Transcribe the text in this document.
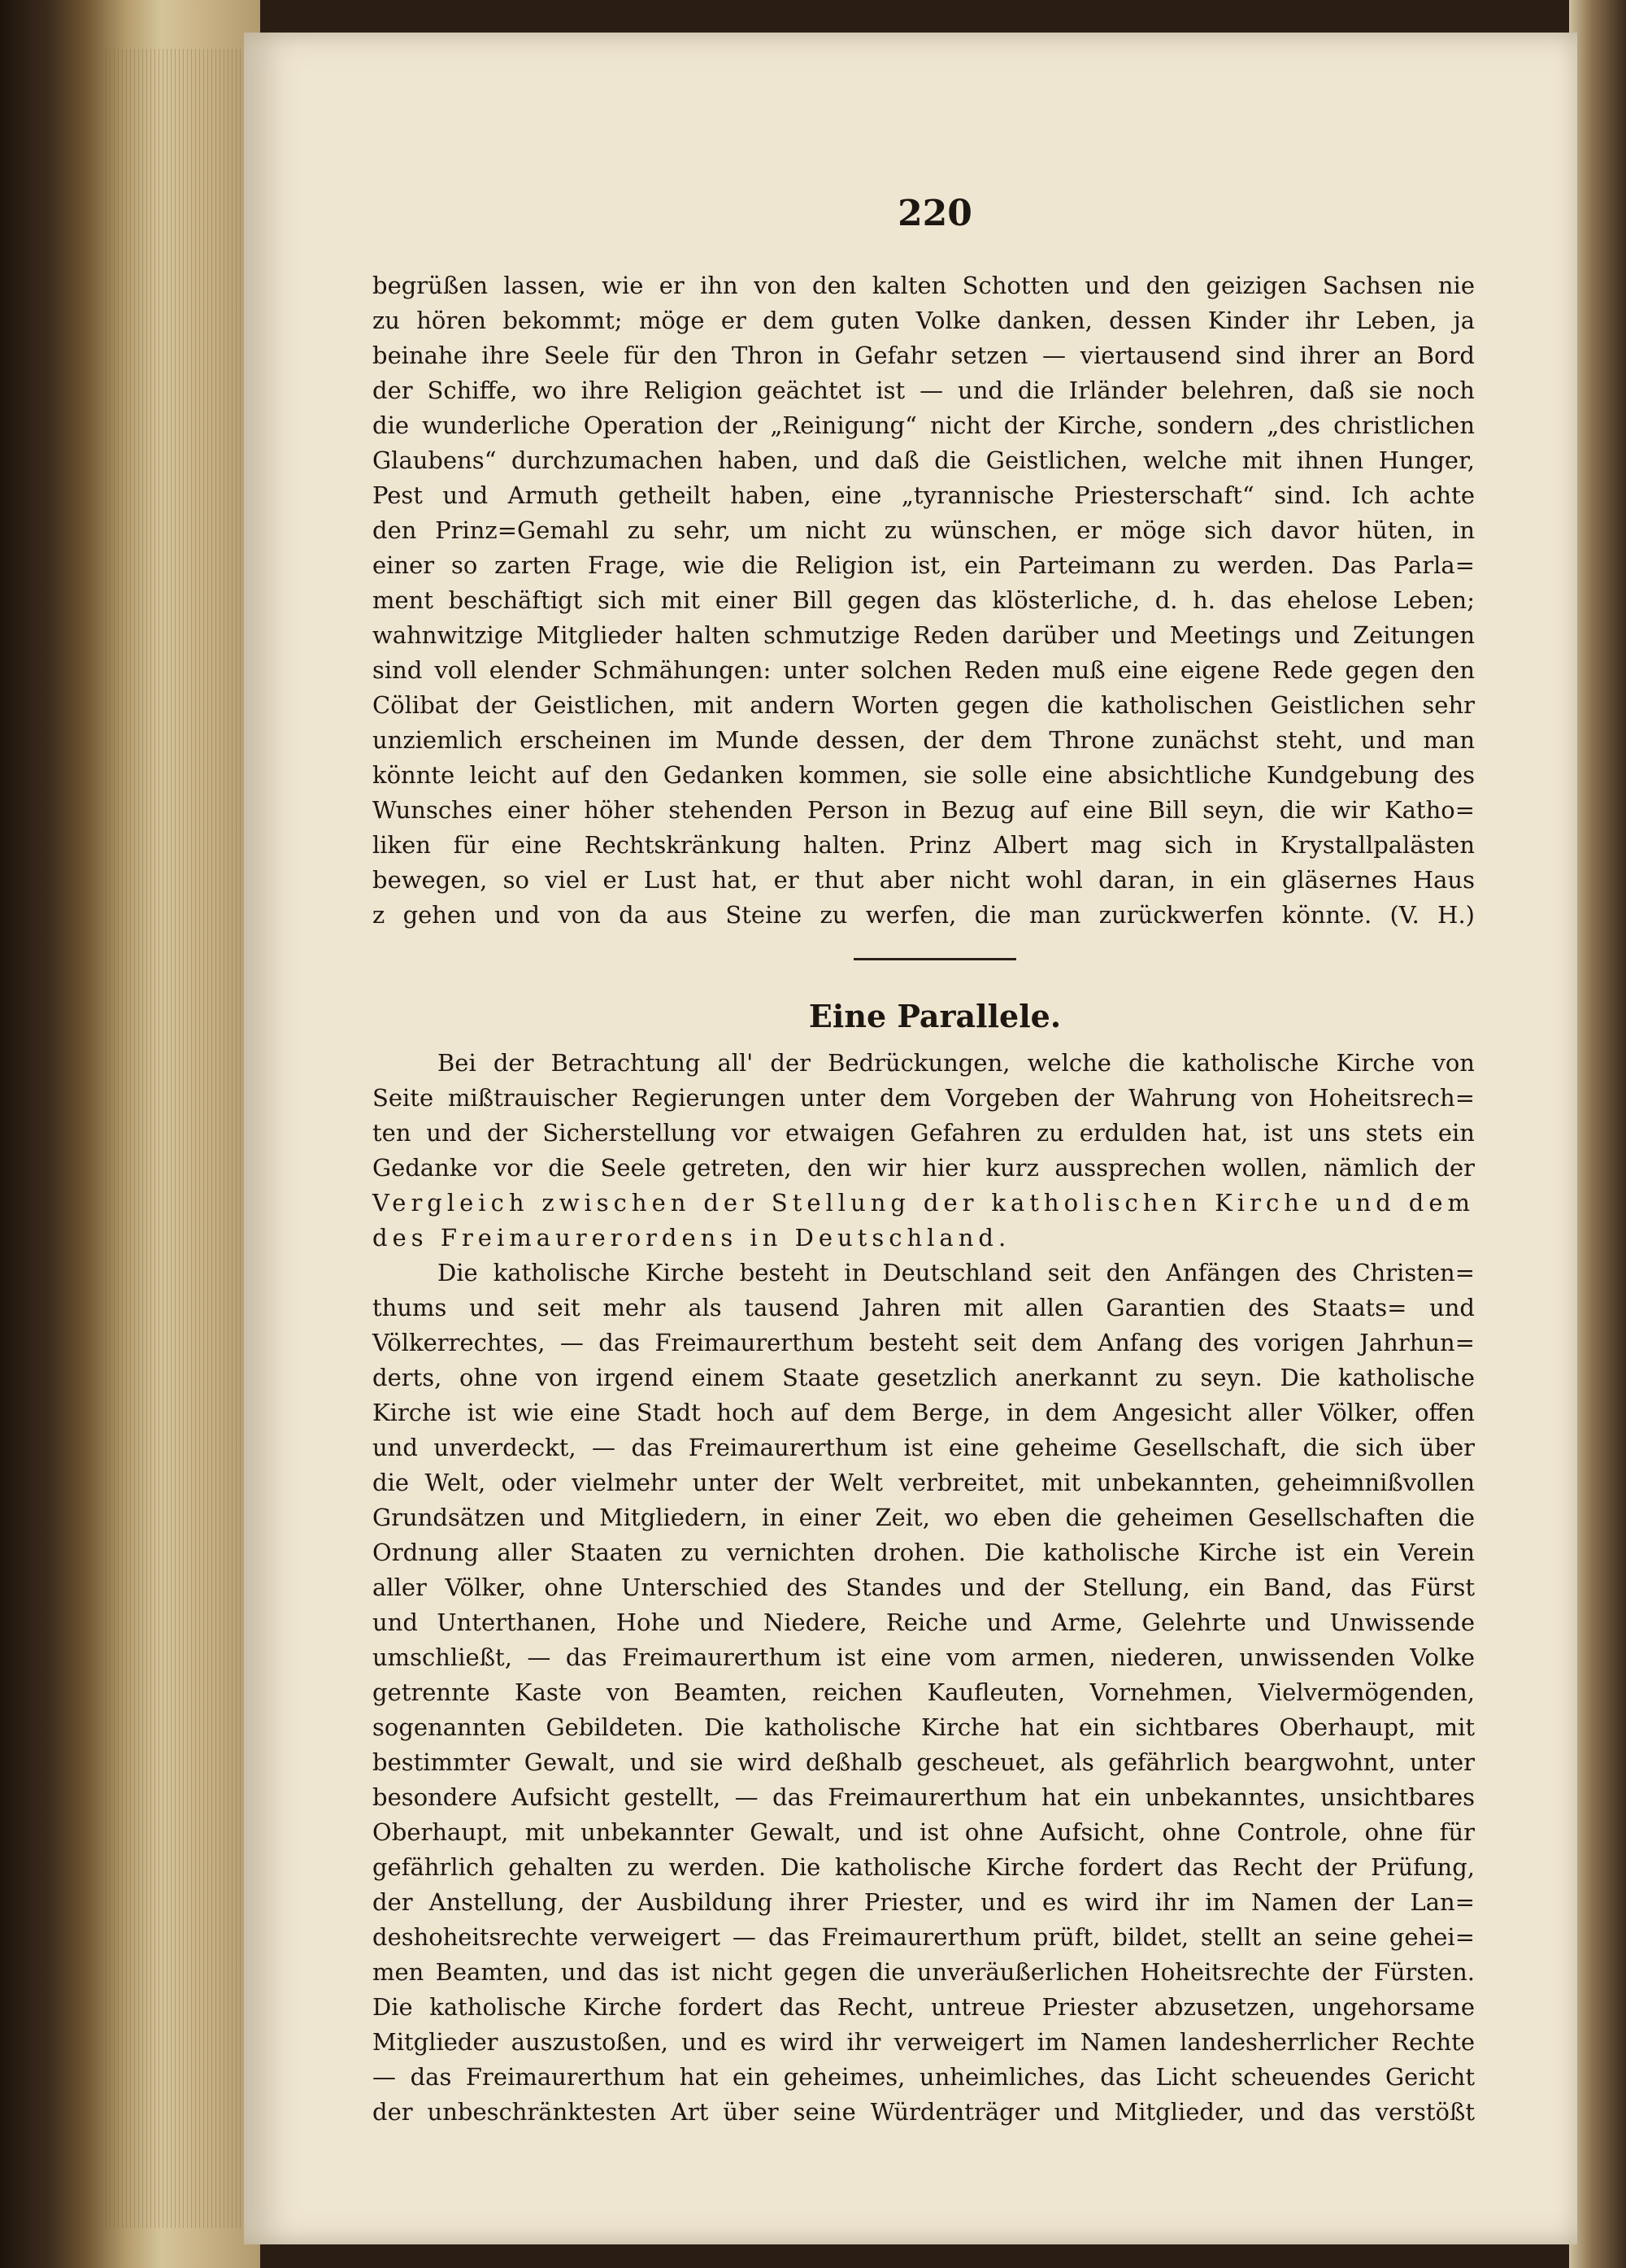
220
begrüßen lassen, wie er ihn von den kalten Schotten und den geizigen Sachsen nie
zu hören bekommt; möge er dem guten Volke danken, dessen Kinder ihr Leben, ja
beinahe ihre Seele für den Thron in Gefahr setzen — viertausend sind ihrer an Bord
der Schiffe, wo ihre Religion geächtet ist — und die Irländer belehren, daß sie noch
die wunderliche Operation der „Reinigung“ nicht der Kirche, sondern „des christlichen
Glaubens“ durchzumachen haben, und daß die Geistlichen, welche mit ihnen Hunger,
Pest und Armuth getheilt haben, eine „tyrannische Priesterschaft“ sind. Ich achte
den Prinz=Gemahl zu sehr, um nicht zu wünschen, er möge sich davor hüten, in
einer so zarten Frage, wie die Religion ist, ein Parteimann zu werden. Das Parla=
ment beschäftigt sich mit einer Bill gegen das klösterliche, d. h. das ehelose Leben;
wahnwitzige Mitglieder halten schmutzige Reden darüber und Meetings und Zeitungen
sind voll elender Schmähungen: unter solchen Reden muß eine eigene Rede gegen den
Cölibat der Geistlichen, mit andern Worten gegen die katholischen Geistlichen sehr
unziemlich erscheinen im Munde dessen, der dem Throne zunächst steht, und man
könnte leicht auf den Gedanken kommen, sie solle eine absichtliche Kundgebung des
Wunsches einer höher stehenden Person in Bezug auf eine Bill seyn, die wir Katho=
liken für eine Rechtskränkung halten. Prinz Albert mag sich in Krystallpalästen
bewegen, so viel er Lust hat, er thut aber nicht wohl daran, in ein gläsernes Haus
z gehen und von da aus Steine zu werfen, die man zurückwerfen könnte. (V. H.)
Eine Parallele.
Bei der Betrachtung all' der Bedrückungen, welche die katholische Kirche von
Seite mißtrauischer Regierungen unter dem Vorgeben der Wahrung von Hoheitsrech=
ten und der Sicherstellung vor etwaigen Gefahren zu erdulden hat, ist uns stets ein
Gedanke vor die Seele getreten, den wir hier kurz aussprechen wollen, nämlich der
Vergleich zwischen der Stellung der katholischen Kirche und dem
des Freimaurerordens in Deutschland.
Die katholische Kirche besteht in Deutschland seit den Anfängen des Christen=
thums und seit mehr als tausend Jahren mit allen Garantien des Staats= und
Völkerrechtes, — das Freimaurerthum besteht seit dem Anfang des vorigen Jahrhun=
derts, ohne von irgend einem Staate gesetzlich anerkannt zu seyn. Die katholische
Kirche ist wie eine Stadt hoch auf dem Berge, in dem Angesicht aller Völker, offen
und unverdeckt, — das Freimaurerthum ist eine geheime Gesellschaft, die sich über
die Welt, oder vielmehr unter der Welt verbreitet, mit unbekannten, geheimnißvollen
Grundsätzen und Mitgliedern, in einer Zeit, wo eben die geheimen Gesellschaften die
Ordnung aller Staaten zu vernichten drohen. Die katholische Kirche ist ein Verein
aller Völker, ohne Unterschied des Standes und der Stellung, ein Band, das Fürst
und Unterthanen, Hohe und Niedere, Reiche und Arme, Gelehrte und Unwissende
umschließt, — das Freimaurerthum ist eine vom armen, niederen, unwissenden Volke
getrennte Kaste von Beamten, reichen Kaufleuten, Vornehmen, Vielvermögenden,
sogenannten Gebildeten. Die katholische Kirche hat ein sichtbares Oberhaupt, mit
bestimmter Gewalt, und sie wird deßhalb gescheuet, als gefährlich beargwohnt, unter
besondere Aufsicht gestellt, — das Freimaurerthum hat ein unbekanntes, unsichtbares
Oberhaupt, mit unbekannter Gewalt, und ist ohne Aufsicht, ohne Controle, ohne für
gefährlich gehalten zu werden. Die katholische Kirche fordert das Recht der Prüfung,
der Anstellung, der Ausbildung ihrer Priester, und es wird ihr im Namen der Lan=
deshoheitsrechte verweigert — das Freimaurerthum prüft, bildet, stellt an seine gehei=
men Beamten, und das ist nicht gegen die unveräußerlichen Hoheitsrechte der Fürsten.
Die katholische Kirche fordert das Recht, untreue Priester abzusetzen, ungehorsame
Mitglieder auszustoßen, und es wird ihr verweigert im Namen landesherrlicher Rechte
— das Freimaurerthum hat ein geheimes, unheimliches, das Licht scheuendes Gericht
der unbeschränktesten Art über seine Würdenträger und Mitglieder, und das verstößt
